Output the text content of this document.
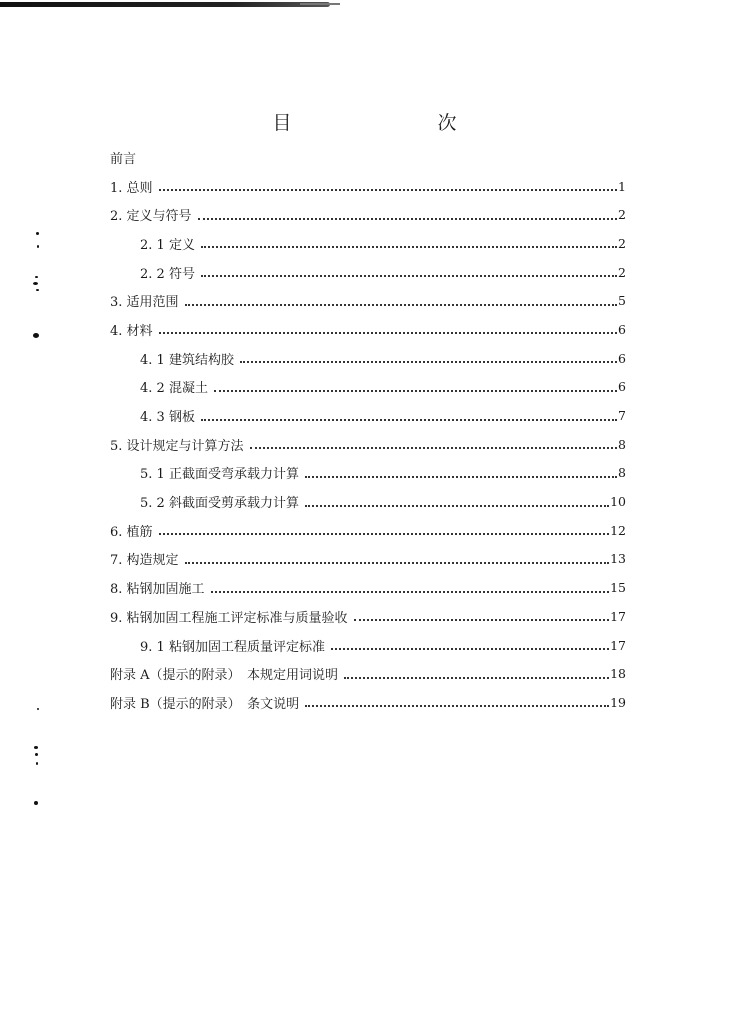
目　　次
前言
1. 总则	1
2. 定义与符号	2
2. 1 定义	2
2. 2 符号	2
3. 适用范围	5
4. 材料	6
4. 1 建筑结构胶	6
4. 2 混凝土	6
4. 3 钢板	7
5. 设计规定与计算方法	8
5. 1 正截面受弯承载力计算	8
5. 2 斜截面受剪承载力计算	10
6. 植筋	12
7. 构造规定	13
8. 粘钢加固施工	15
9. 粘钢加固工程施工评定标准与质量验收	17
9. 1 粘钢加固工程质量评定标准	17
附录 A（提示的附录）　本规定用词说明	18
附录 B（提示的附录）　条文说明	19
